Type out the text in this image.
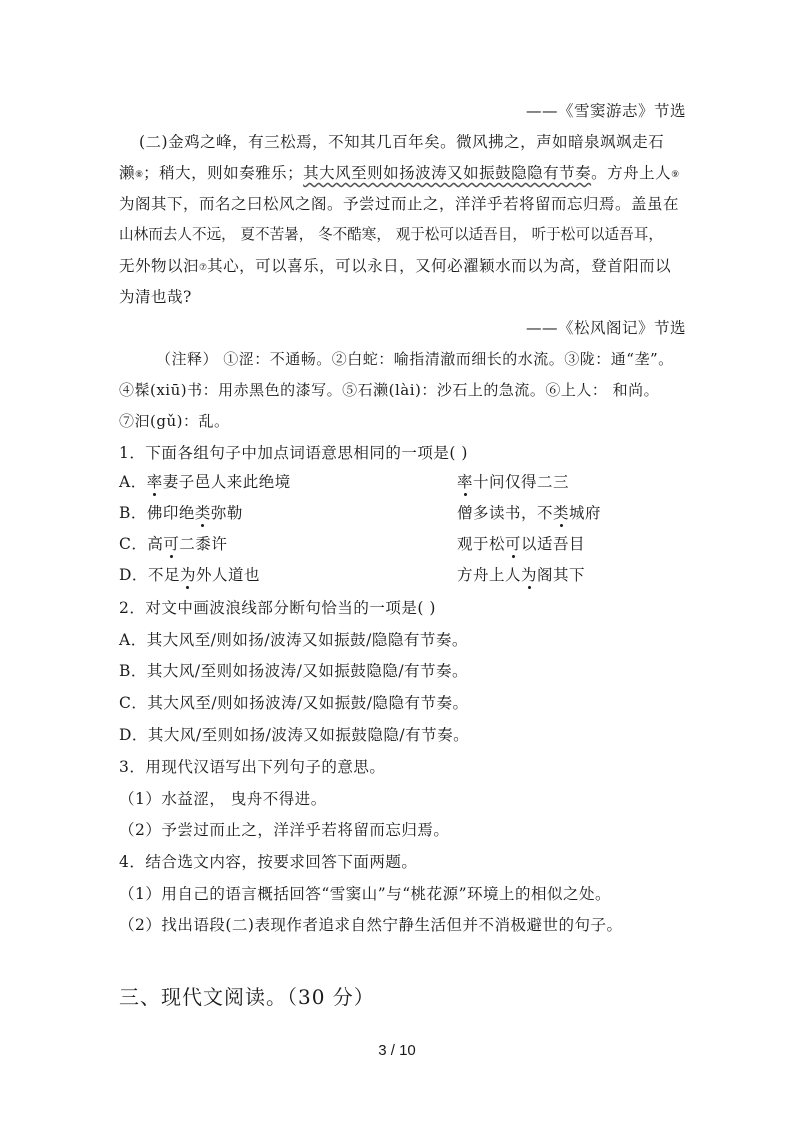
——《雪窦游志》节选
(二)金鸡之峰，有三松焉，不知其几百年矣。微风拂之，声如暗泉飒飒走石
濑⑧；稍大，则如奏雅乐；其大风至则如扬波涛又如振鼓隐隐有节奏。方舟上人⑨
为阁其下，而名之曰松风之阁。予尝过而止之，洋洋乎若将留而忘归焉。盖虽在
山林而去人不远， 夏不苦暑， 冬不酷寒， 观于松可以适吾目， 听于松可以适吾耳，
无外物以汩⑦其心，可以喜乐，可以永日，又何必濯颖水而以为高，登首阳而以
为清也哉?
——《松风阁记》节选
（注释） ①涩：不通畅。②白蛇：喻指清澈而细长的水流。③陇：通“垄”。
④髹(xiū)书：用赤黑色的漆写。⑤石濑(lài)：沙石上的急流。⑥上人： 和尚。
⑦汩(gǔ)：乱。
1．下面各组句子中加点词语意思相同的一项是( )
A．率妻子邑人来此绝境	率十问仅得二三
B．佛印绝类弥勒	僧多读书，不类城府
C．高可二黍许	观于松可以适吾目
D．不足为外人道也	方舟上人为阁其下
2．对文中画波浪线部分断句恰当的一项是( )
A．其大风至/则如扬/波涛又如振鼓/隐隐有节奏。
B．其大风/至则如扬波涛/又如振鼓隐隐/有节奏。
C．其大风至/则如扬波涛/又如振鼓/隐隐有节奏。
D．其大风/至则如扬/波涛又如振鼓隐隐/有节奏。
3．用现代汉语写出下列句子的意思。
（1）水益涩， 曳舟不得进。
（2）予尝过而止之，洋洋乎若将留而忘归焉。
4．结合选文内容，按要求回答下面两题。
（1）用自己的语言概括回答“雪窦山”与“桃花源”环境上的相似之处。
（2）找出语段(二)表现作者追求自然宁静生活但并不消极避世的句子。
三、现代文阅读。（30 分）
3 / 10
